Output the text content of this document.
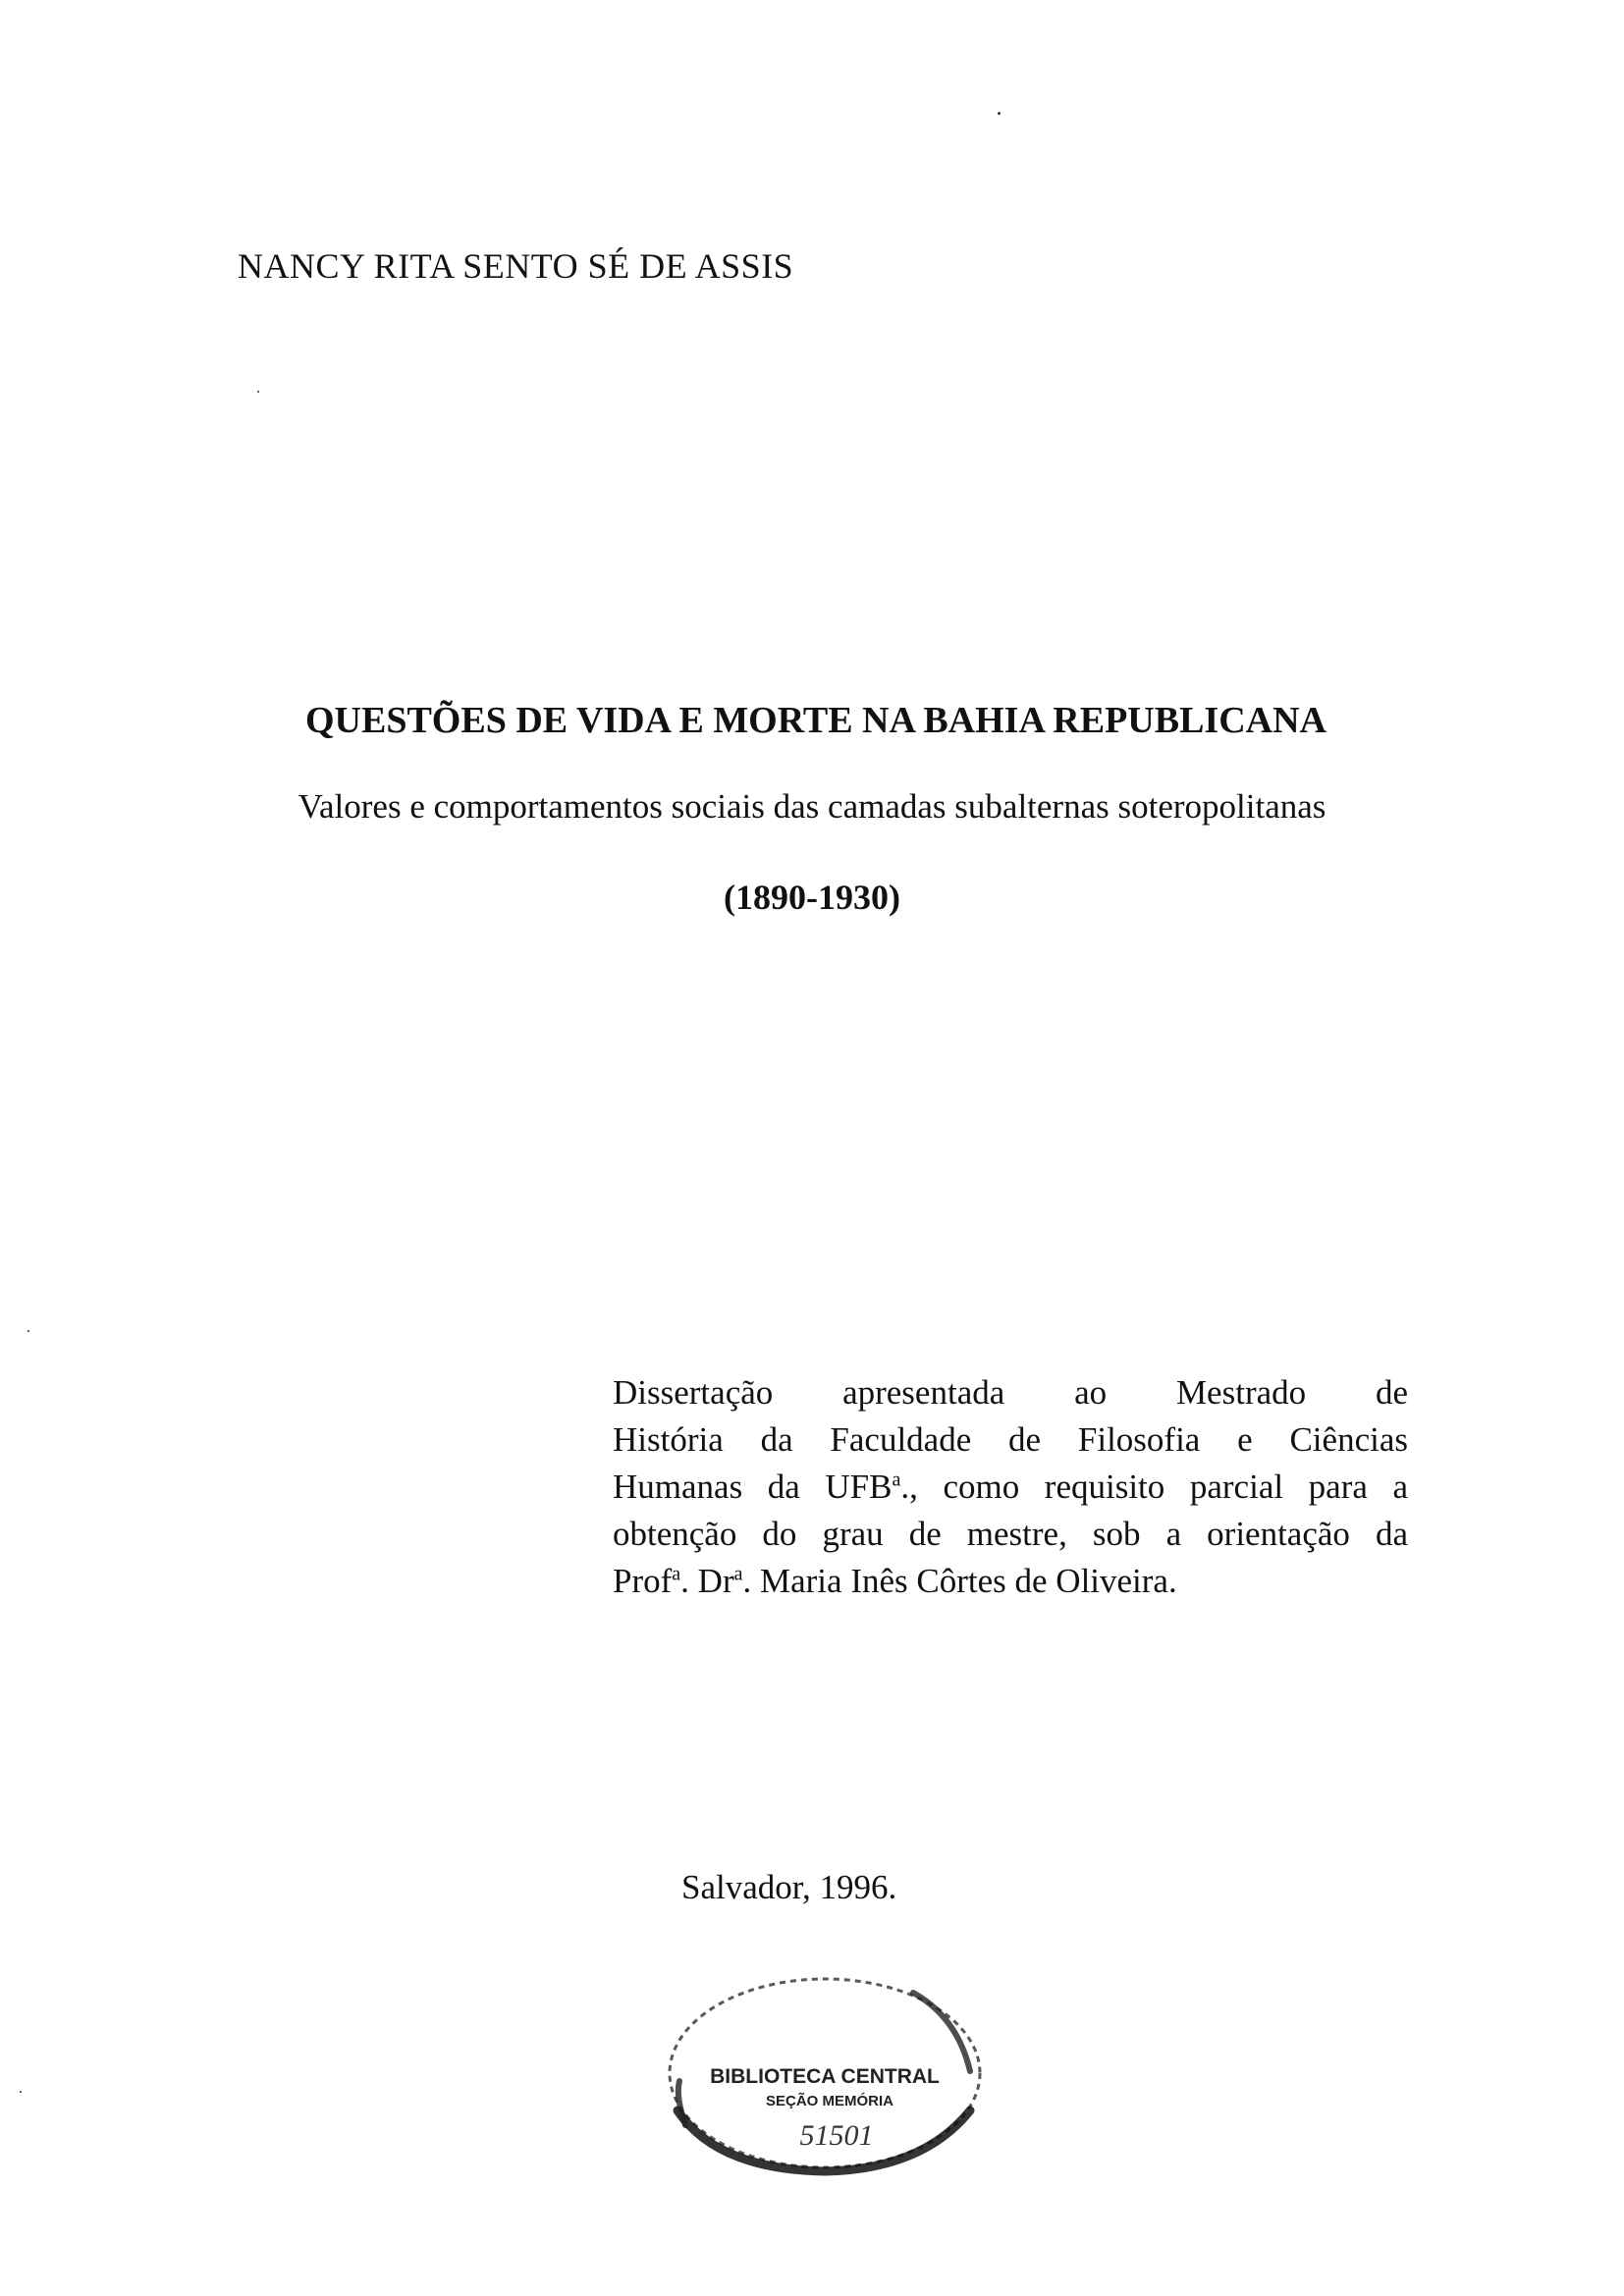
NANCY RITA SENTO SÉ DE ASSIS
QUESTÕES DE VIDA E MORTE NA BAHIA REPUBLICANA
Valores e comportamentos sociais das camadas subalternas soteropolitanas
(1890-1930)
Dissertação apresentada ao Mestrado de
História da Faculdade de Filosofia e Ciências
Humanas da UFB$^a$., como requisito parcial para a
obtenção do grau de mestre, sob a orientação da
Prof$^a$. Dr$^a$. Maria Inês Côrtes de Oliveira.
Salvador, 1996.
BIBLIOTECA CENTRAL
SEÇÃO MEMÓRIA
51501
